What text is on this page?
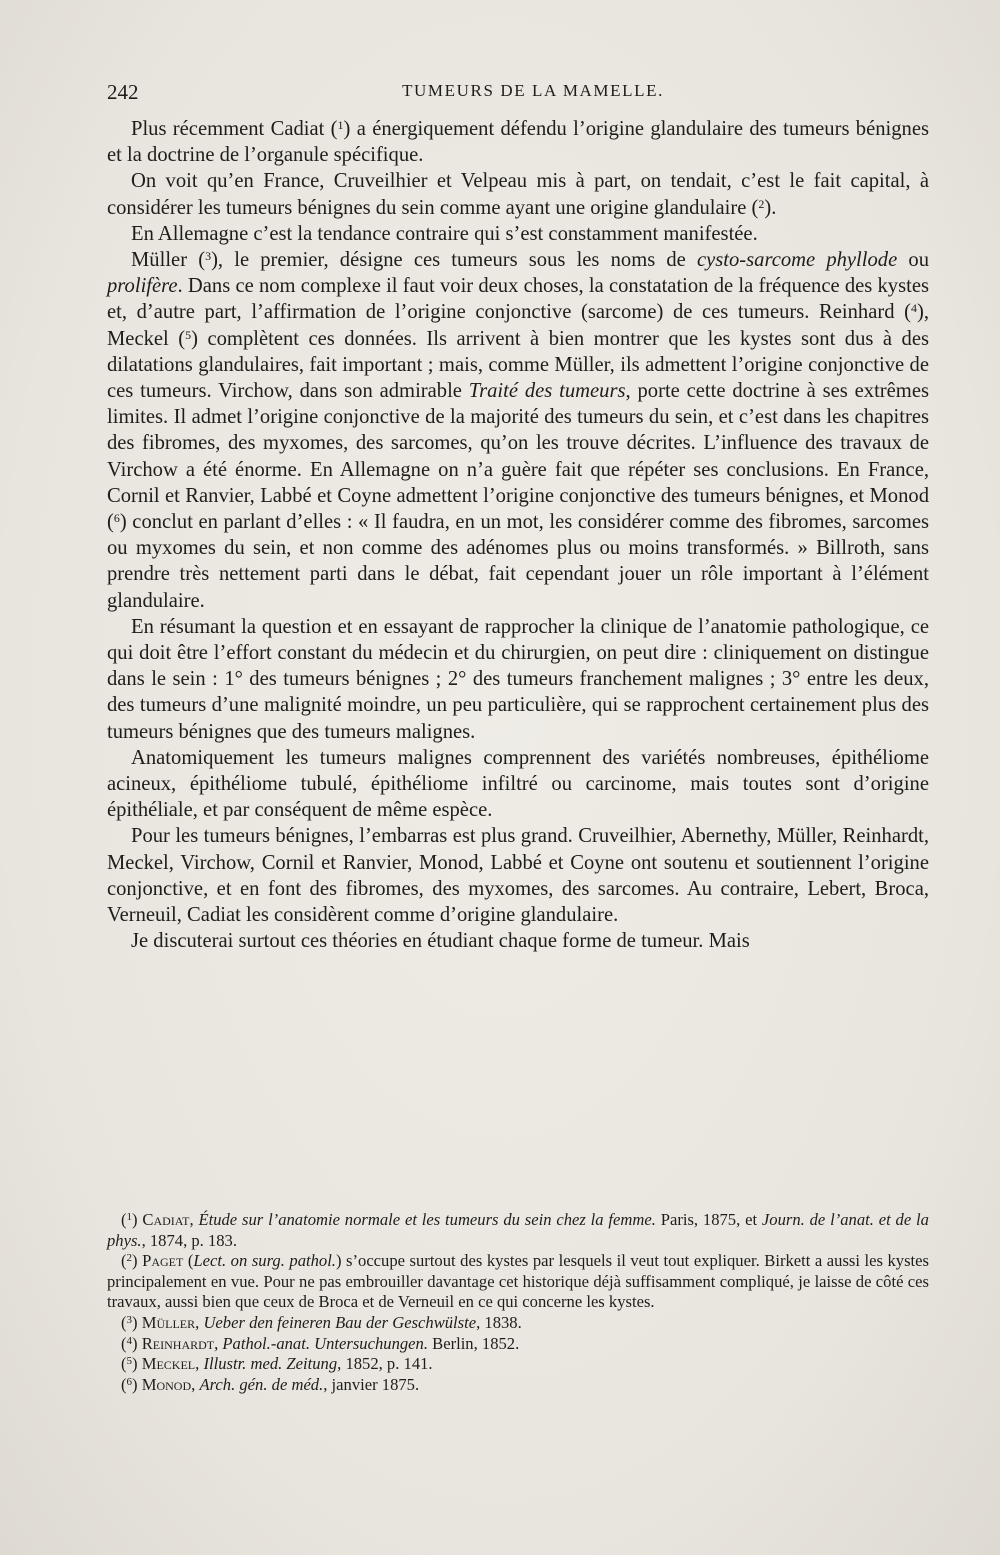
242	TUMEURS DE LA MAMELLE.

Plus récemment Cadiat ($^1$) a énergiquement défendu l’origine glandulaire des tumeurs bénignes et la doctrine de l’organule spécifique.

On voit qu’en France, Cruveilhier et Velpeau mis à part, on tendait, c’est le fait capital, à considérer les tumeurs bénignes du sein comme ayant une origine glandulaire ($^2$).

En Allemagne c’est la tendance contraire qui s’est constamment manifestée.

Müller ($^3$), le premier, désigne ces tumeurs sous les noms de cysto-sarcome phyllode ou prolifère. Dans ce nom complexe il faut voir deux choses, la constatation de la fréquence des kystes et, d’autre part, l’affirmation de l’origine conjonctive (sarcome) de ces tumeurs. Reinhard ($^4$), Meckel ($^5$) complètent ces données. Ils arrivent à bien montrer que les kystes sont dus à des dilatations glandulaires, fait important ; mais, comme Müller, ils admettent l’origine conjonctive de ces tumeurs. Virchow, dans son admirable Traité des tumeurs, porte cette doctrine à ses extrêmes limites. Il admet l’origine conjonctive de la majorité des tumeurs du sein, et c’est dans les chapitres des fibromes, des myxomes, des sarcomes, qu’on les trouve décrites. L’influence des travaux de Virchow a été énorme. En Allemagne on n’a guère fait que répéter ses conclusions. En France, Cornil et Ranvier, Labbé et Coyne admettent l’origine conjonctive des tumeurs bénignes, et Monod ($^6$) conclut en parlant d’elles : « Il faudra, en un mot, les considérer comme des fibromes, sarcomes ou myxomes du sein, et non comme des adénomes plus ou moins transformés. » Billroth, sans prendre très nettement parti dans le débat, fait cependant jouer un rôle important à l’élément glandulaire.

En résumant la question et en essayant de rapprocher la clinique de l’anatomie pathologique, ce qui doit être l’effort constant du médecin et du chirurgien, on peut dire : cliniquement on distingue dans le sein : 1° des tumeurs bénignes ; 2° des tumeurs franchement malignes ; 3° entre les deux, des tumeurs d’une malignité moindre, un peu particulière, qui se rapprochent certainement plus des tumeurs bénignes que des tumeurs malignes.

Anatomiquement les tumeurs malignes comprennent des variétés nombreuses, épithéliome acineux, épithéliome tubulé, épithéliome infiltré ou carcinome, mais toutes sont d’origine épithéliale, et par conséquent de même espèce.

Pour les tumeurs bénignes, l’embarras est plus grand. Cruveilhier, Abernethy, Müller, Reinhardt, Meckel, Virchow, Cornil et Ranvier, Monod, Labbé et Coyne ont soutenu et soutiennent l’origine conjonctive, et en font des fibromes, des myxomes, des sarcomes. Au contraire, Lebert, Broca, Verneuil, Cadiat les considèrent comme d’origine glandulaire.

Je discuterai surtout ces théories en étudiant chaque forme de tumeur. Mais

($^1$) Cadiat, Étude sur l’anatomie normale et les tumeurs du sein chez la femme. Paris, 1875, et Journ. de l’anat. et de la phys., 1874, p. 183.

($^2$) Paget (Lect. on surg. pathol.) s’occupe surtout des kystes par lesquels il veut tout expliquer. Birkett a aussi les kystes principalement en vue. Pour ne pas embrouiller davantage cet historique déjà suffisamment compliqué, je laisse de côté ces travaux, aussi bien que ceux de Broca et de Verneuil en ce qui concerne les kystes.

($^3$) Müller, Ueber den feineren Bau der Geschwülste, 1838.

($^4$) Reinhardt, Pathol.-anat. Untersuchungen. Berlin, 1852.

($^5$) Meckel, Illustr. med. Zeitung, 1852, p. 141.

($^6$) Monod, Arch. gén. de méd., janvier 1875.
